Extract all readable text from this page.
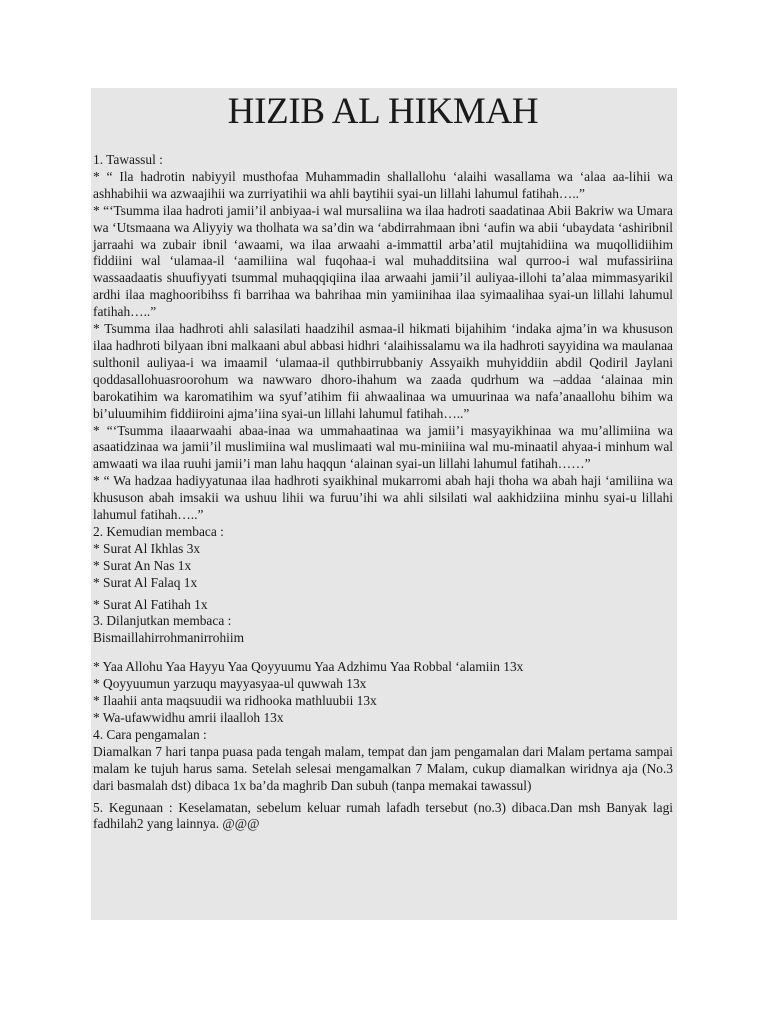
HIZIB AL HIKMAH

1. Tawassul :

* “ Ila hadrotin nabiyyil musthofaa Muhammadin shallallohu ‘alaihi wasallama wa ‘alaa aa-lihii wa ashhabihii wa azwaajihii wa zurriyatihii wa ahli baytihii syai-un lillahi lahumul fatihah…..”

* “‘Tsumma ilaa hadroti jamii’il anbiyaa-i wal mursaliina wa ilaa hadroti saadatinaa Abii Bakriw wa Umara wa ‘Utsmaana wa Aliyyiy wa tholhata wa sa’din wa ‘abdirrahmaan ibni ‘aufin wa abii ‘ubaydata ‘ashiribnil jarraahi wa zubair ibnil ‘awaami, wa ilaa arwaahi a-immattil arba’atil mujtahidiina wa muqollidiihim fiddiini wal ‘ulamaa-il ‘aamiliina wal fuqohaa-i wal muhadditsiina wal qurroo-i wal mufassiriina wassaadaatis shuufiyyati tsummal muhaqqiqiina ilaa arwaahi jamii’il auliyaa-illohi ta’alaa mimmasyarikil ardhi ilaa maghooribihss fi barrihaa wa bahrihaa min yamiinihaa ilaa syimaalihaa syai-un lillahi lahumul fatihah…..”

* Tsumma ilaa hadhroti ahli salasilati haadzihil asmaa-il hikmati bijahihim ‘indaka ajma’in wa khususon ilaa hadhroti bilyaan ibni malkaani abul abbasi hidhri ‘alaihissalamu wa ila hadhroti sayyidina wa maulanaa sulthonil auliyaa-i wa imaamil ‘ulamaa-il quthbirrubbaniy Assyaikh muhyiddiin abdil Qodiril Jaylani qoddasallohuasroorohum wa nawwaro dhoro-ihahum wa zaada qudrhum wa –addaa ‘alainaa min barokatihim wa karomatihim wa syuf’atihim fii ahwaalinaa wa umuurinaa wa nafa’anaallohu bihim wa bi’uluumihim fiddiiroini ajma’iina syai-un lillahi lahumul fatihah…..”

* “‘Tsumma ilaaarwaahi abaa-inaa wa ummahaatinaa wa jamii’i masyayikhinaa wa mu’allimiina wa asaatidzinaa wa jamii’il muslimiina wal muslimaati wal mu-miniiina wal mu-minaatil ahyaa-i minhum wal amwaati wa ilaa ruuhi jamii’i man lahu haqqun ‘alainan syai-un lillahi lahumul fatihah……”

* “ Wa hadzaa hadiyyatunaa ilaa hadhroti syaikhinal mukarromi abah haji thoha wa abah haji ‘amiliina wa khususon abah imsakii wa ushuu lihii wa furuu’ihi wa ahli silsilati wal aakhidziina minhu syai-u lillahi lahumul fatihah…..”

2. Kemudian membaca :

* Surat Al Ikhlas 3x

* Surat An Nas 1x

* Surat Al Falaq 1x

* Surat Al Fatihah 1x

3. Dilanjutkan membaca :

Bismaillahirrohmanirrohiim

* Yaa Allohu Yaa Hayyu Yaa Qoyyuumu Yaa Adzhimu Yaa Robbal ‘alamiin 13x

* Qoyyuumun yarzuqu mayyasyaa-ul quwwah 13x

* Ilaahii anta maqsuudii wa ridhooka mathluubii 13x

* Wa-ufawwidhu amrii ilaalloh 13x

4. Cara pengamalan :

Diamalkan 7 hari tanpa puasa pada tengah malam, tempat dan jam pengamalan dari Malam pertama sampai malam ke tujuh harus sama. Setelah selesai mengamalkan 7 Malam, cukup diamalkan wiridnya aja (No.3 dari basmalah dst) dibaca 1x ba’da maghrib Dan subuh (tanpa memakai tawassul)

5. Kegunaan : Keselamatan, sebelum keluar rumah lafadh tersebut (no.3) dibaca.Dan msh Banyak lagi fadhilah2 yang lainnya. @@@
